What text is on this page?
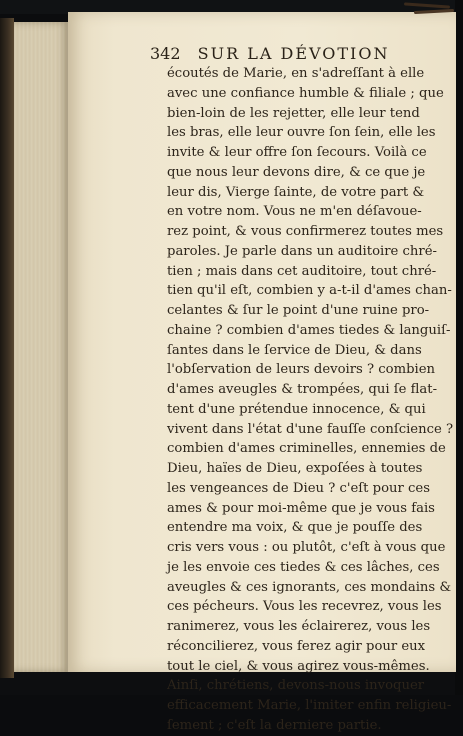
342 SUR LA DÉVOTION
écoutés de Marie, en s'adreſſant à elle
avec une confiance humble & filiale ; que
bien-loin de les rejetter, elle leur tend
les bras, elle leur ouvre ſon ſein, elle les
invite & leur offre ſon ſecours. Voilà ce
que nous leur devons dire, & ce que je
leur dis, Vierge ſainte, de votre part &
en votre nom. Vous ne m'en déſavoue-
rez point, & vous confirmerez toutes mes
paroles. Je parle dans un auditoire chré-
tien ; mais dans cet auditoire, tout chré-
tien qu'il eſt, combien y a-t-il d'ames chan-
celantes & ſur le point d'une ruine pro-
chaine ? combien d'ames tiedes & languiſ-
ſantes dans le ſervice de Dieu, & dans
l'obſervation de leurs devoirs ? combien
d'ames aveugles & trompées, qui ſe flat-
tent d'une prétendue innocence, & qui
vivent dans l'état d'une fauſſe conſcience ?
combien d'ames criminelles, ennemies de
Dieu, haïes de Dieu, expoſées à toutes
les vengeances de Dieu ? c'eſt pour ces
ames & pour moi-même que je vous fais
entendre ma voix, & que je pouſſe des
cris vers vous : ou plutôt, c'eſt à vous que
je les envoie ces tiedes & ces lâches, ces
aveugles & ces ignorants, ces mondains &
ces pécheurs. Vous les recevrez, vous les
ranimerez, vous les éclairerez, vous les
réconcilierez, vous ferez agir pour eux
tout le ciel, & vous agirez vous-mêmes.
Ainſi, chrétiens, devons-nous invoquer
efficacement Marie, l'imiter enfin religieu-
ſement ; c'eſt la derniere partie.
